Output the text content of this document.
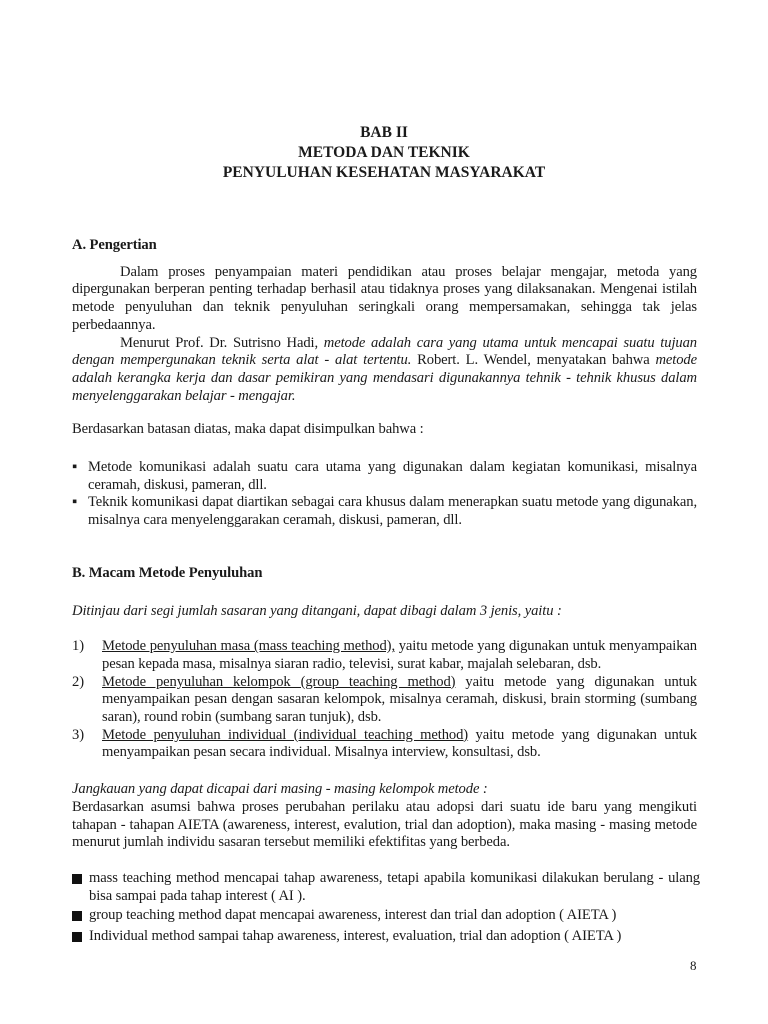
BAB II
METODA DAN TEKNIK
PENYULUHAN KESEHATAN MASYARAKAT
A. Pengertian
Dalam proses penyampaian materi pendidikan atau proses belajar mengajar, metoda yang dipergunakan berperan penting terhadap berhasil atau tidaknya proses yang dilaksanakan. Mengenai istilah metode penyuluhan dan teknik penyuluhan seringkali orang mempersamakan, sehingga tak jelas perbedaannya.
Menurut Prof. Dr. Sutrisno Hadi, metode adalah cara yang utama untuk mencapai suatu tujuan dengan mempergunakan teknik serta alat - alat tertentu. Robert. L. Wendel, menyatakan bahwa metode adalah kerangka kerja dan dasar pemikiran yang mendasari digunakannya tehnik - tehnik khusus dalam menyelenggarakan belajar - mengajar.
Berdasarkan batasan diatas, maka dapat disimpulkan bahwa :
▪ Metode komunikasi adalah suatu cara utama yang digunakan dalam kegiatan komunikasi, misalnya ceramah, diskusi, pameran, dll.
▪ Teknik komunikasi dapat diartikan sebagai cara khusus dalam menerapkan suatu metode yang digunakan, misalnya cara menyelenggarakan ceramah, diskusi, pameran, dll.
B. Macam Metode Penyuluhan
Ditinjau dari segi jumlah sasaran yang ditangani, dapat dibagi dalam 3 jenis, yaitu :
1) Metode penyuluhan masa (mass teaching method), yaitu metode yang digunakan untuk menyampaikan pesan kepada masa, misalnya siaran radio, televisi, surat kabar, majalah selebaran, dsb.
2) Metode penyuluhan kelompok (group teaching method) yaitu metode yang digunakan untuk menyampaikan pesan dengan sasaran kelompok, misalnya ceramah, diskusi, brain storming (sumbang saran), round robin (sumbang saran tunjuk), dsb.
3) Metode penyuluhan individual (individual teaching method) yaitu metode yang digunakan untuk menyampaikan pesan secara individual. Misalnya interview, konsultasi, dsb.
Jangkauan yang dapat dicapai dari masing - masing kelompok metode :
Berdasarkan asumsi bahwa proses perubahan perilaku atau adopsi dari suatu ide baru yang mengikuti tahapan - tahapan AIETA (awareness, interest, evalution, trial dan adoption), maka masing - masing metode menurut jumlah individu sasaran tersebut memiliki efektifitas yang berbeda.
mass teaching method mencapai tahap awareness, tetapi apabila komunikasi dilakukan berulang - ulang bisa sampai pada tahap interest ( AI ).
group teaching method dapat mencapai awareness, interest dan trial dan adoption ( AIETA )
Individual method sampai tahap awareness, interest, evaluation, trial dan adoption ( AIETA )
8
